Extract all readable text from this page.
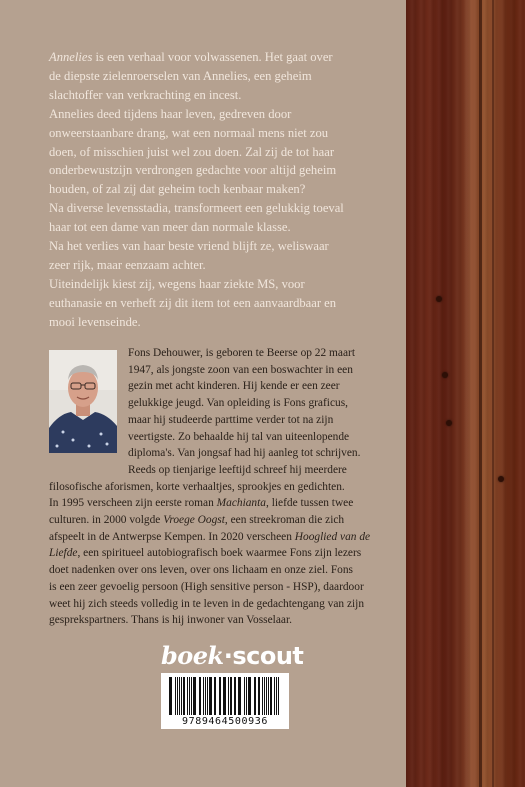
Annelies is een verhaal voor volwassenen. Het gaat over

de diepste zielenroerselen van Annelies, een geheim

slachtoffer van verkrachting en incest.

Annelies deed tijdens haar leven, gedreven door

onweerstaanbare drang, wat een normaal mens niet zou

doen, of misschien juist wel zou doen. Zal zij de tot haar

onderbewustzijn verdrongen gedachte voor altijd geheim

houden, of zal zij dat geheim toch kenbaar maken?

Na diverse levensstadia, transformeert een gelukkig toeval

haar tot een dame van meer dan normale klasse.

Na het verlies van haar beste vriend blijft ze, weliswaar

zeer rijk, maar eenzaam achter.

Uiteindelijk kiest zij, wegens haar ziekte MS, voor

euthanasie en verheft zij dit item tot een aanvaardbaar en

mooi levenseinde.

Fons Dehouwer, is geboren te Beerse op 22 maart
1947, als jongste zoon van een boswachter in een
gezin met acht kinderen. Hij kende er een zeer
gelukkige jeugd. Van opleiding is Fons graficus,
maar hij studeerde parttime verder tot na zijn
veertigste. Zo behaalde hij tal van uiteenlopende
diploma's. Van jongsaf had hij aanleg tot schrijven.
Reeds op tienjarige leeftijd schreef hij meerdere
filosofische aforismen, korte verhaaltjes, sprookjes en gedichten.
In 1995 verscheen zijn eerste roman Machianta, liefde tussen twee
culturen. in 2000 volgde Vroege Oogst, een streekroman die zich
afspeelt in de Antwerpse Kempen. In 2020 verscheen Hooglied van de
Liefde, een spiritueel autobiografisch boek waarmee Fons zijn lezers
doet nadenken over ons leven, over ons lichaam en onze ziel. Fons
is een zeer gevoelig persoon (High sensitive person - HSP), daardoor
weet hij zich steeds volledig in te leven in de gedachtengang van zijn
gesprekspartners. Thans is hij inwoner van Vosselaar.
boek·scout
9789464500936
